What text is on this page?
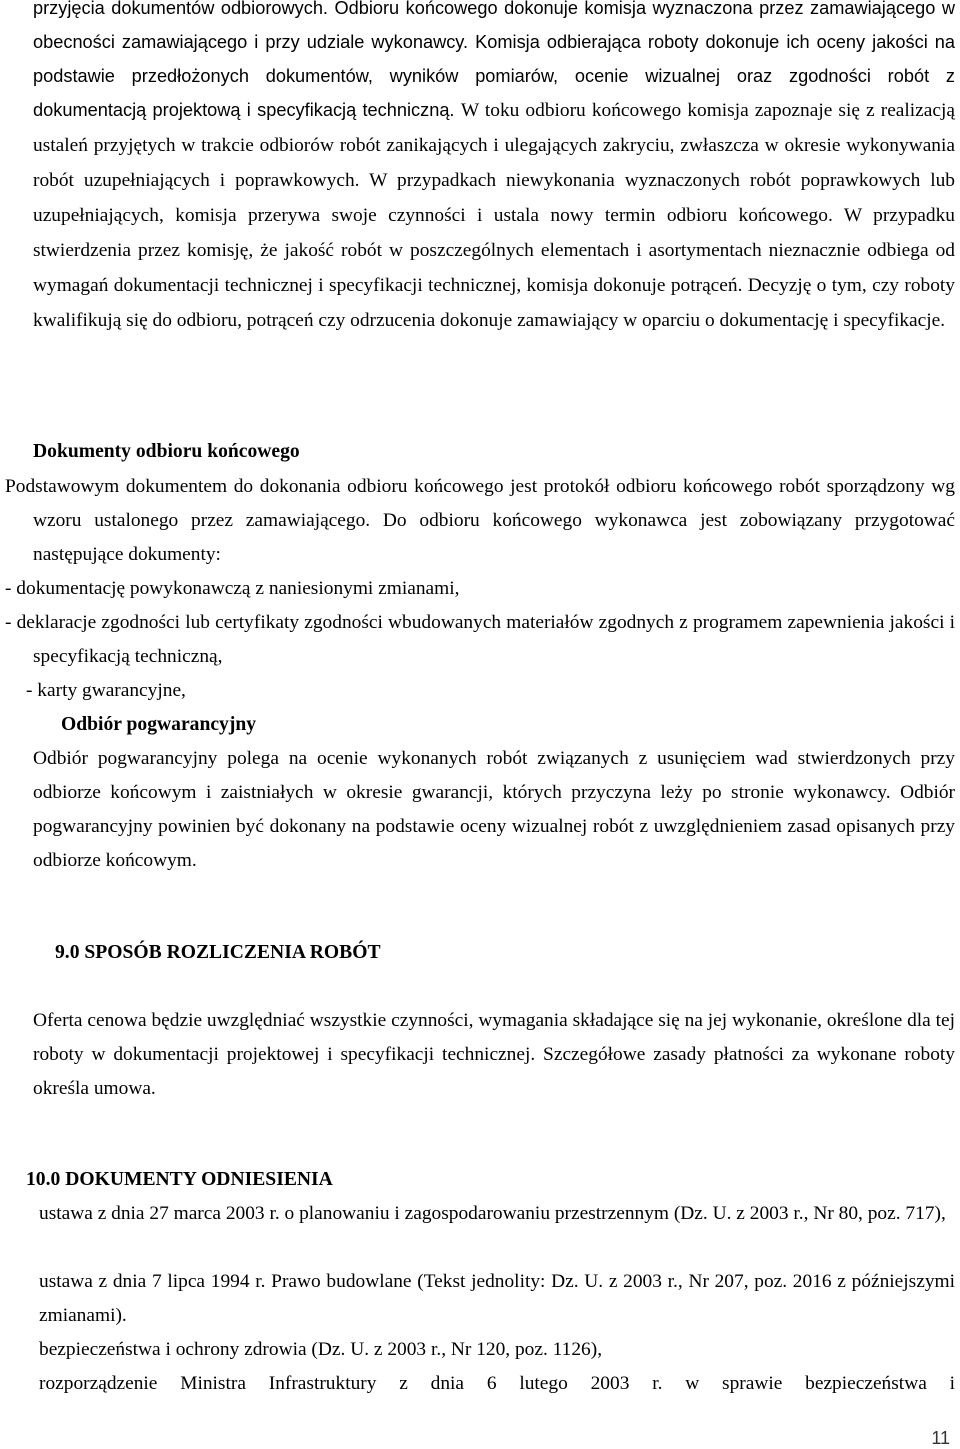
przyjęcia dokumentów odbiorowych. Odbioru końcowego dokonuje komisja wyznaczona przez zamawiającego w obecności zamawiającego i przy udziale wykonawcy. Komisja odbierająca roboty dokonuje ich oceny jakości na podstawie przedłożonych dokumentów, wyników pomiarów, ocenie wizualnej oraz zgodności robót z dokumentacją projektową i specyfikacją techniczną. W toku odbioru końcowego komisja zapoznaje się z realizacją ustaleń przyjętych w trakcie odbiorów robót zanikających i ulegających zakryciu, zwłaszcza w okresie wykonywania robót uzupełniających i poprawkowych. W przypadkach niewykonania wyznaczonych robót poprawkowych lub uzupełniających, komisja przerywa swoje czynności i ustala nowy termin odbioru końcowego. W przypadku stwierdzenia przez komisję, że jakość robót w poszczególnych elementach i asortymentach nieznacznie odbiega od wymagań dokumentacji technicznej i specyfikacji technicznej, komisja dokonuje potrąceń. Decyzję o tym, czy roboty kwalifikują się do odbioru, potrąceń czy odrzucenia dokonuje zamawiający w oparciu o dokumentację i specyfikacje.

Dokumenty odbioru końcowego

Podstawowym dokumentem do dokonania odbioru końcowego jest protokół odbioru końcowego robót sporządzony wg wzoru ustalonego przez zamawiającego. Do odbioru końcowego wykonawca jest zobowiązany przygotować następujące dokumenty:

- dokumentację powykonawczą z naniesionymi zmianami,

- deklaracje zgodności lub certyfikaty zgodności wbudowanych materiałów zgodnych z programem zapewnienia jakości i specyfikacją techniczną,

- karty gwarancyjne,

Odbiór pogwarancyjny

Odbiór pogwarancyjny polega na ocenie wykonanych robót związanych z usunięciem wad stwierdzonych przy odbiorze końcowym i zaistniałych w okresie gwarancji, których przyczyna leży po stronie wykonawcy. Odbiór pogwarancyjny powinien być dokonany na podstawie oceny wizualnej robót z uwzględnieniem zasad opisanych przy odbiorze końcowym.

9.0 SPOSÓB ROZLICZENIA ROBÓT

Oferta cenowa będzie uwzględniać wszystkie czynności, wymagania składające się na jej wykonanie, określone dla tej roboty w dokumentacji projektowej i specyfikacji technicznej. Szczegółowe zasady płatności za wykonane roboty określa umowa.

10.0 DOKUMENTY ODNIESIENIA

ustawa z dnia 27 marca 2003 r. o planowaniu i zagospodarowaniu przestrzennym (Dz. U. z 2003 r., Nr 80, poz. 717),

ustawa z dnia 7 lipca 1994 r. Prawo budowlane (Tekst jednolity: Dz. U. z 2003 r., Nr 207, poz. 2016 z późniejszymi zmianami).

bezpieczeństwa i ochrony zdrowia (Dz. U. z 2003 r., Nr 120, poz. 1126),

rozporządzenie Ministra Infrastruktury z dnia 6 lutego 2003 r. w sprawie bezpieczeństwa i

11
